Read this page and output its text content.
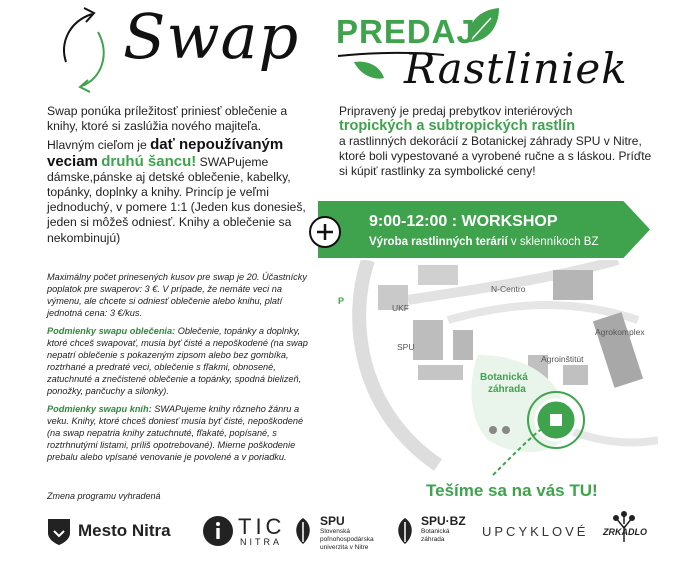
Swap
Swap ponúka príležitosť priniesť oblečenie a knihy, ktoré si zaslúžia nového majiteľa.
Hlavným cieľom je dať nepoužívaným veciam druhú šancu! SWAPujeme dámske,pánske aj detské oblečenie, kabelky, topánky, doplnky a knihy. Princíp je veľmi jednoduchý, v pomere 1:1 (Jeden kus donesieš, jeden si môžeš odniesť. Knihy a oblečenie sa nekombinujú)

Maximálny počet prinesených kusov pre swap je 20. Účastnícky poplatok pre swaperov: 3 €. V prípade, že nemáte veci na výmenu, ale chcete si odniesť oblečenie alebo knihu, platí jednotná cena: 3 €/kus.

Podmienky swapu oblečenia: Oblečenie, topánky a doplnky, ktoré chceš swapovať, musia byť čisté a nepoškodené (na swap nepatrí oblečenie s pokazeným zipsom alebo bez gombíka, roztrhané a predraté veci, oblečenie s fľakmi, obnosené, zatuchnuté a znečistené oblečenie a topánky, spodná bielizeň, ponožky, pančuchy a silonky).

Podmienky swapu kníh: SWAPujeme knihy rôzneho žánru a veku. Knihy, ktoré chceš doniesť musia byť čisté, nepoškodené (na swap nepatria knihy zatuchnuté, fľakaté, popísané, s roztrhnutými listami, príliš opotrebované). Mierne poškodenie prebalu alebo vpísané venovanie je povolené a v poriadku.

Zmena programu vyhradená
PREDAJ
Rastliniek
Pripravený je predaj prebytkov interiérových
tropických a subtropických rastlín
a rastlinných dekorácií z Botanickej záhrady SPU v Nitre, ktoré boli vypestované a vyrobené ručne a s láskou. Príďte si kúpiť rastlinky za symbolické ceny!
9:00-12:00 : WORKSHOP
Výroba rastlinných terárií v sklenníkoch BZ
UKF
N-Centro
SPU
Agrokomplex
Agroinštitút
Botanická
záhrada
P
Tešíme sa na vás TU!
Mesto Nitra	TIC
NITRA
SPU
Slovenská
poľnohospodárska
univerzita v Nitre
SPU·BZ
Botanická
záhrada
UPCYKLOVÉ ZRKADLO
